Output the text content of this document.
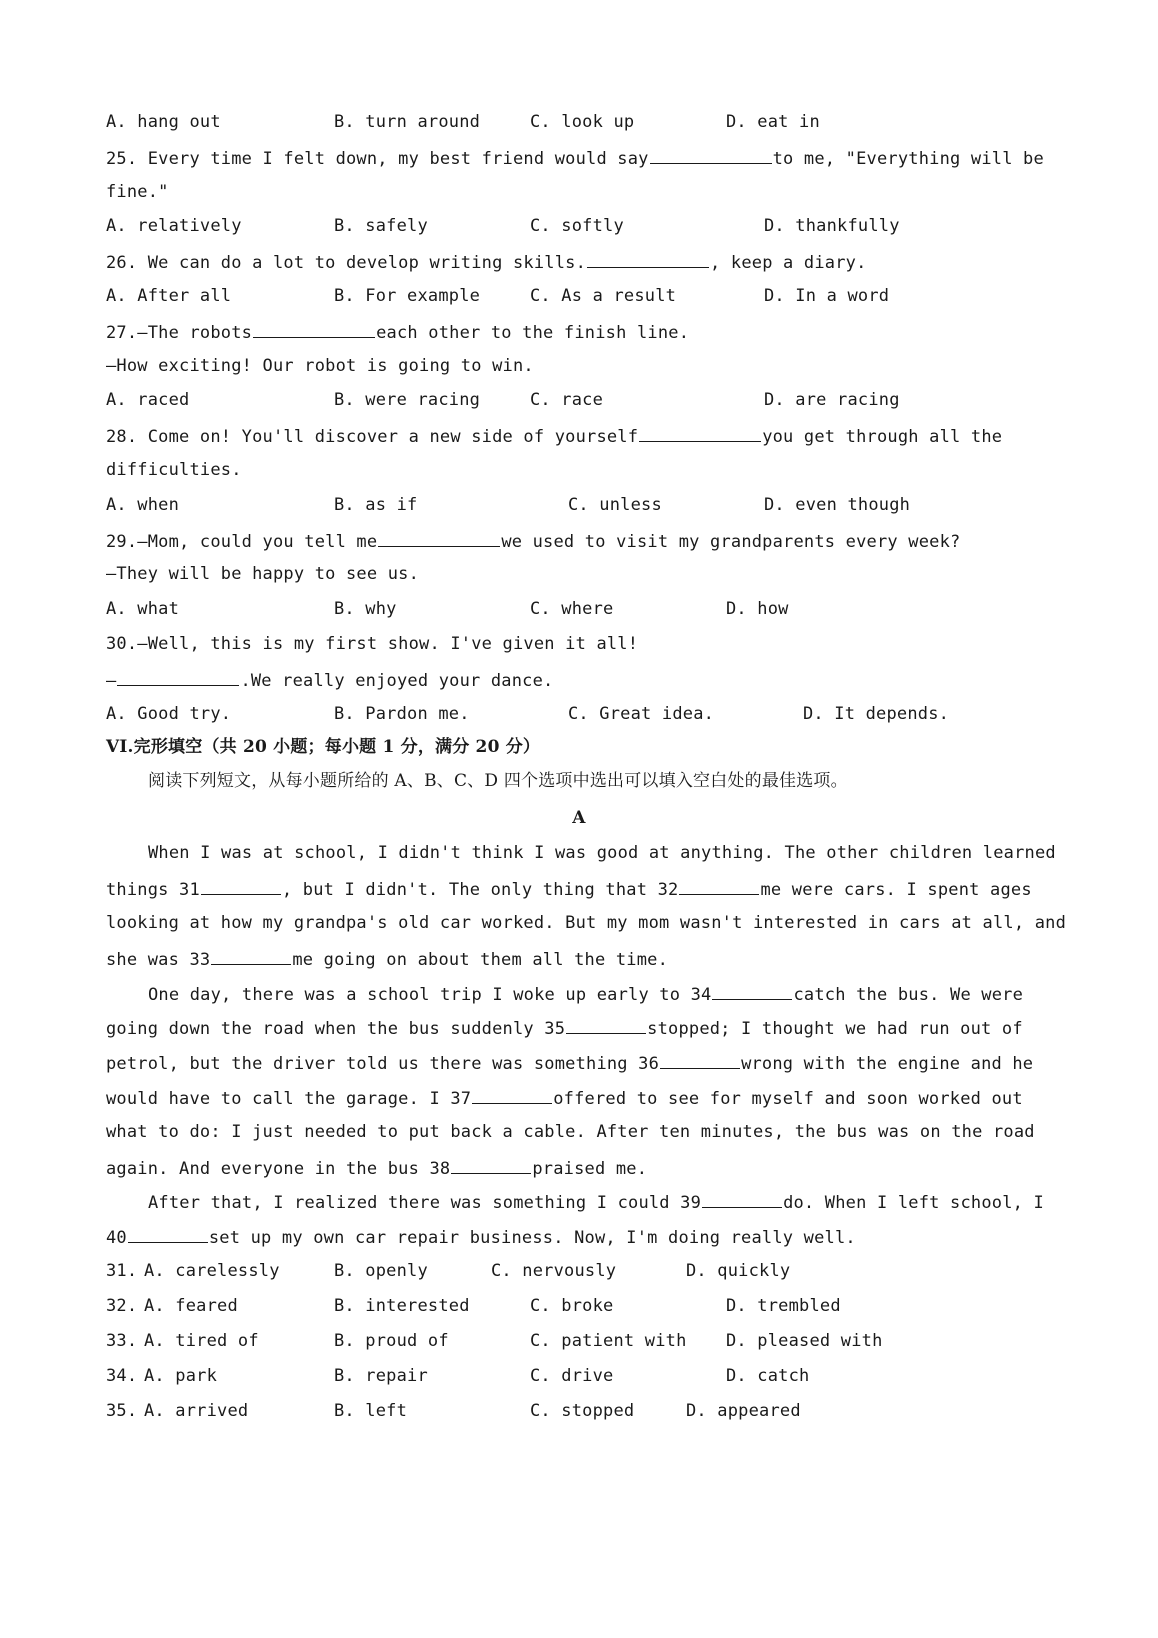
A. hang out	B. turn around	C. look up	D. eat in
25. Every time I felt down, my best friend would say	to me, "Everything will be
fine."
A. relatively	B. safely	C. softly	D. thankfully
26. We can do a lot to develop writing skills.	, keep a diary.
A. After all	B. For example	C. As a result	D. In a word
27.—The robots	each other to the finish line.
—How exciting! Our robot is going to win.
A. raced	B. were racing	C. race	D. are racing
28. Come on! You'll discover a new side of yourself	you get through all the
difficulties.
A. when	B. as if	C. unless	D. even though
29.—Mom, could you tell me	we used to visit my grandparents every week?
—They will be happy to see us.
A. what	B. why	C. where	D. how
30.—Well, this is my first show. I've given it all!
—	.We really enjoyed your dance.
A. Good try.	B. Pardon me.	C. Great idea.	D. It depends.
VI.完形填空（共 20 小题；每小题 1 分，满分 20 分）
阅读下列短文，从每小题所给的 A、B、C、D 四个选项中选出可以填入空白处的最佳选项。
A
When I was at school, I didn't think I was good at anything. The other children learned
things 31	, but I didn't. The only thing that 32	me were cars. I spent ages
looking at how my grandpa's old car worked. But my mom wasn't interested in cars at all, and
she was 33	me going on about them all the time.
One day, there was a school trip I woke up early to 34	catch the bus. We were
going down the road when the bus suddenly 35	stopped; I thought we had run out of
petrol, but the driver told us there was something 36	wrong with the engine and he
would have to call the garage. I 37	offered to see for myself and soon worked out
what to do: I just needed to put back a cable. After ten minutes, the bus was on the road
again. And everyone in the bus 38	praised me.
After that, I realized there was something I could 39	do. When I left school, I
40	set up my own car repair business. Now, I'm doing really well.
31. A. carelessly	B. openly	C. nervously	D. quickly
32. A. feared	B. interested	C. broke	D. trembled
33. A. tired of	B. proud of	C. patient with D. pleased with
34. A. park	B. repair	C. drive	D. catch
35. A. arrived	B. left	C. stopped	D. appeared
